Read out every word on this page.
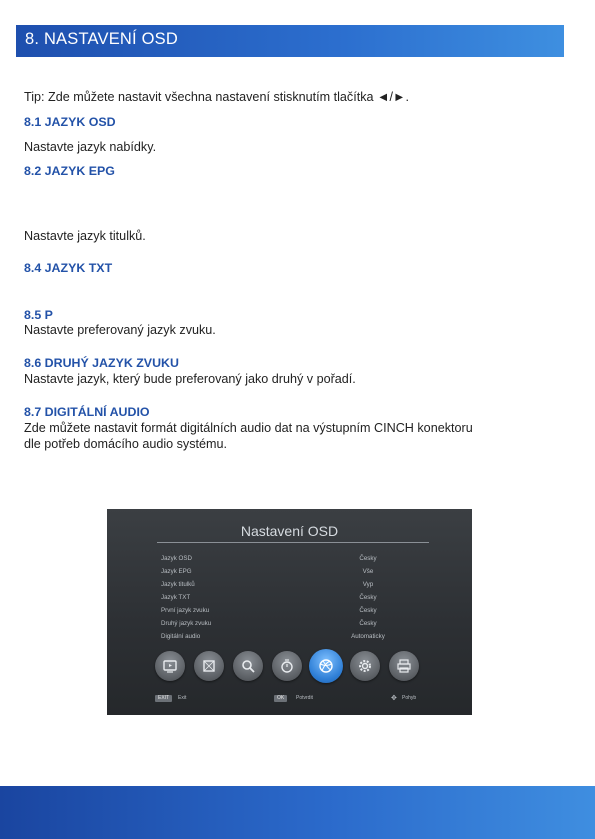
8. NASTAVENÍ OSD
Tip: Zde můžete nastavit všechna nastavení stisknutím tlačítka ◄/►.
8.1 JAZYK OSD
Nastavte jazyk nabídky.
8.2 JAZYK EPG
Nastavte jazyk titulků.
8.4 JAZYK TXT
8.5 P
Nastavte preferovaný jazyk zvuku.
8.6 DRUHÝ JAZYK ZVUKU
Nastavte jazyk, který bude preferovaný jako druhý v pořadí.
8.7 DIGITÁLNÍ AUDIO
Zde můžete nastavit formát digitálních audio dat na výstupním CINCH konektoru
dle potřeb domácího audio systému.
Nastavení OSD
Jazyk OSD	Česky
Jazyk EPG	Vše
Jazyk titulků	Vyp
Jazyk TXT	Česky
První jazyk zvuku	Česky
Druhý jazyk zvuku	Česky
Digitální audio	Automaticky
EXIT	Exit	OK	Potvrdit	✥ Pohyb
